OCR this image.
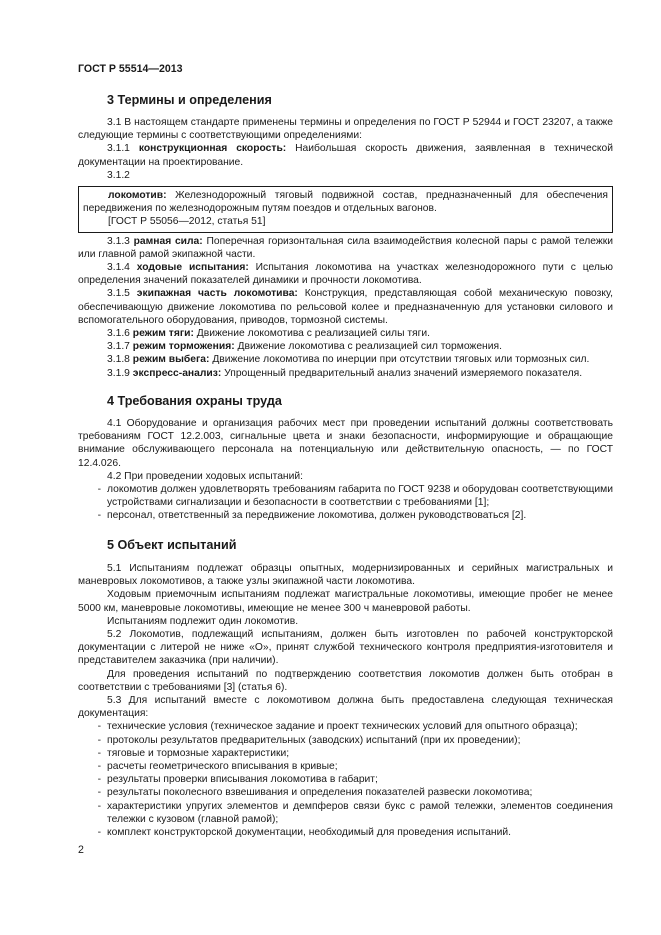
ГОСТ Р 55514—2013
3 Термины и определения

3.1 В настоящем стандарте применены термины и определения по ГОСТ Р 52944 и ГОСТ 23207, а также следующие термины с соответствующими определениями:

3.1.1 конструкционная скорость: Наибольшая скорость движения, заявленная в технической документации на проектирование.

3.1.2

локомотив: Железнодорожный тяговый подвижной состав, предназначенный для обеспечения передвижения по железнодорожным путям поездов и отдельных вагонов.

[ГОСТ Р 55056—2012, статья 51]

3.1.3 рамная сила: Поперечная горизонтальная сила взаимодействия колесной пары с рамой тележки или главной рамой экипажной части.

3.1.4 ходовые испытания: Испытания локомотива на участках железнодорожного пути с целью определения значений показателей динамики и прочности локомотива.

3.1.5 экипажная часть локомотива: Конструкция, представляющая собой механическую повозку, обеспечивающую движение локомотива по рельсовой колее и предназначенную для установки силового и вспомогательного оборудования, приводов, тормозной системы.

3.1.6 режим тяги: Движение локомотива с реализацией силы тяги.

3.1.7 режим торможения: Движение локомотива с реализацией сил торможения.

3.1.8 режим выбега: Движение локомотива по инерции при отсутствии тяговых или тормозных сил.

3.1.9 экспресс-анализ: Упрощенный предварительный анализ значений измеряемого показателя.

4 Требования охраны труда

4.1 Оборудование и организация рабочих мест при проведении испытаний должны соответствовать требованиям ГОСТ 12.2.003, сигнальные цвета и знаки безопасности, информирующие и обращающие внимание обслуживающего персонала на потенциальную или действительную опасность, — по ГОСТ 12.4.026.

4.2 При проведении ходовых испытаний:

- локомотив должен удовлетворять требованиям габарита по ГОСТ 9238 и оборудован соответствующими устройствами сигнализации и безопасности в соответствии с требованиями [1];
- персонал, ответственный за передвижение локомотива, должен руководствоваться [2].
5 Объект испытаний

5.1 Испытаниям подлежат образцы опытных, модернизированных и серийных магистральных и маневровых локомотивов, а также узлы экипажной части локомотива.

Ходовым приемочным испытаниям подлежат магистральные локомотивы, имеющие пробег не менее 5000 км, маневровые локомотивы, имеющие не менее 300 ч маневровой работы.

Испытаниям подлежит один локомотив.

5.2 Локомотив, подлежащий испытаниям, должен быть изготовлен по рабочей конструкторской документации с литерой не ниже «О», принят службой технического контроля предприятия-изготовителя и представителем заказчика (при наличии).

Для проведения испытаний по подтверждению соответствия локомотив должен быть отобран в соответствии с требованиями [3] (статья 6).

5.3 Для испытаний вместе с локомотивом должна быть предоставлена следующая техническая документация:

- технические условия (техническое задание и проект технических условий для опытного образца);
- протоколы результатов предварительных (заводских) испытаний (при их проведении);
- тяговые и тормозные характеристики;
- расчеты геометрического вписывания в кривые;
- результаты проверки вписывания локомотива в габарит;
- результаты поколесного взвешивания и определения показателей развески локомотива;
- характеристики упругих элементов и демпферов связи букс с рамой тележки, элементов соединения тележки с кузовом (главной рамой);
- комплект конструкторской документации, необходимый для проведения испытаний.
2
